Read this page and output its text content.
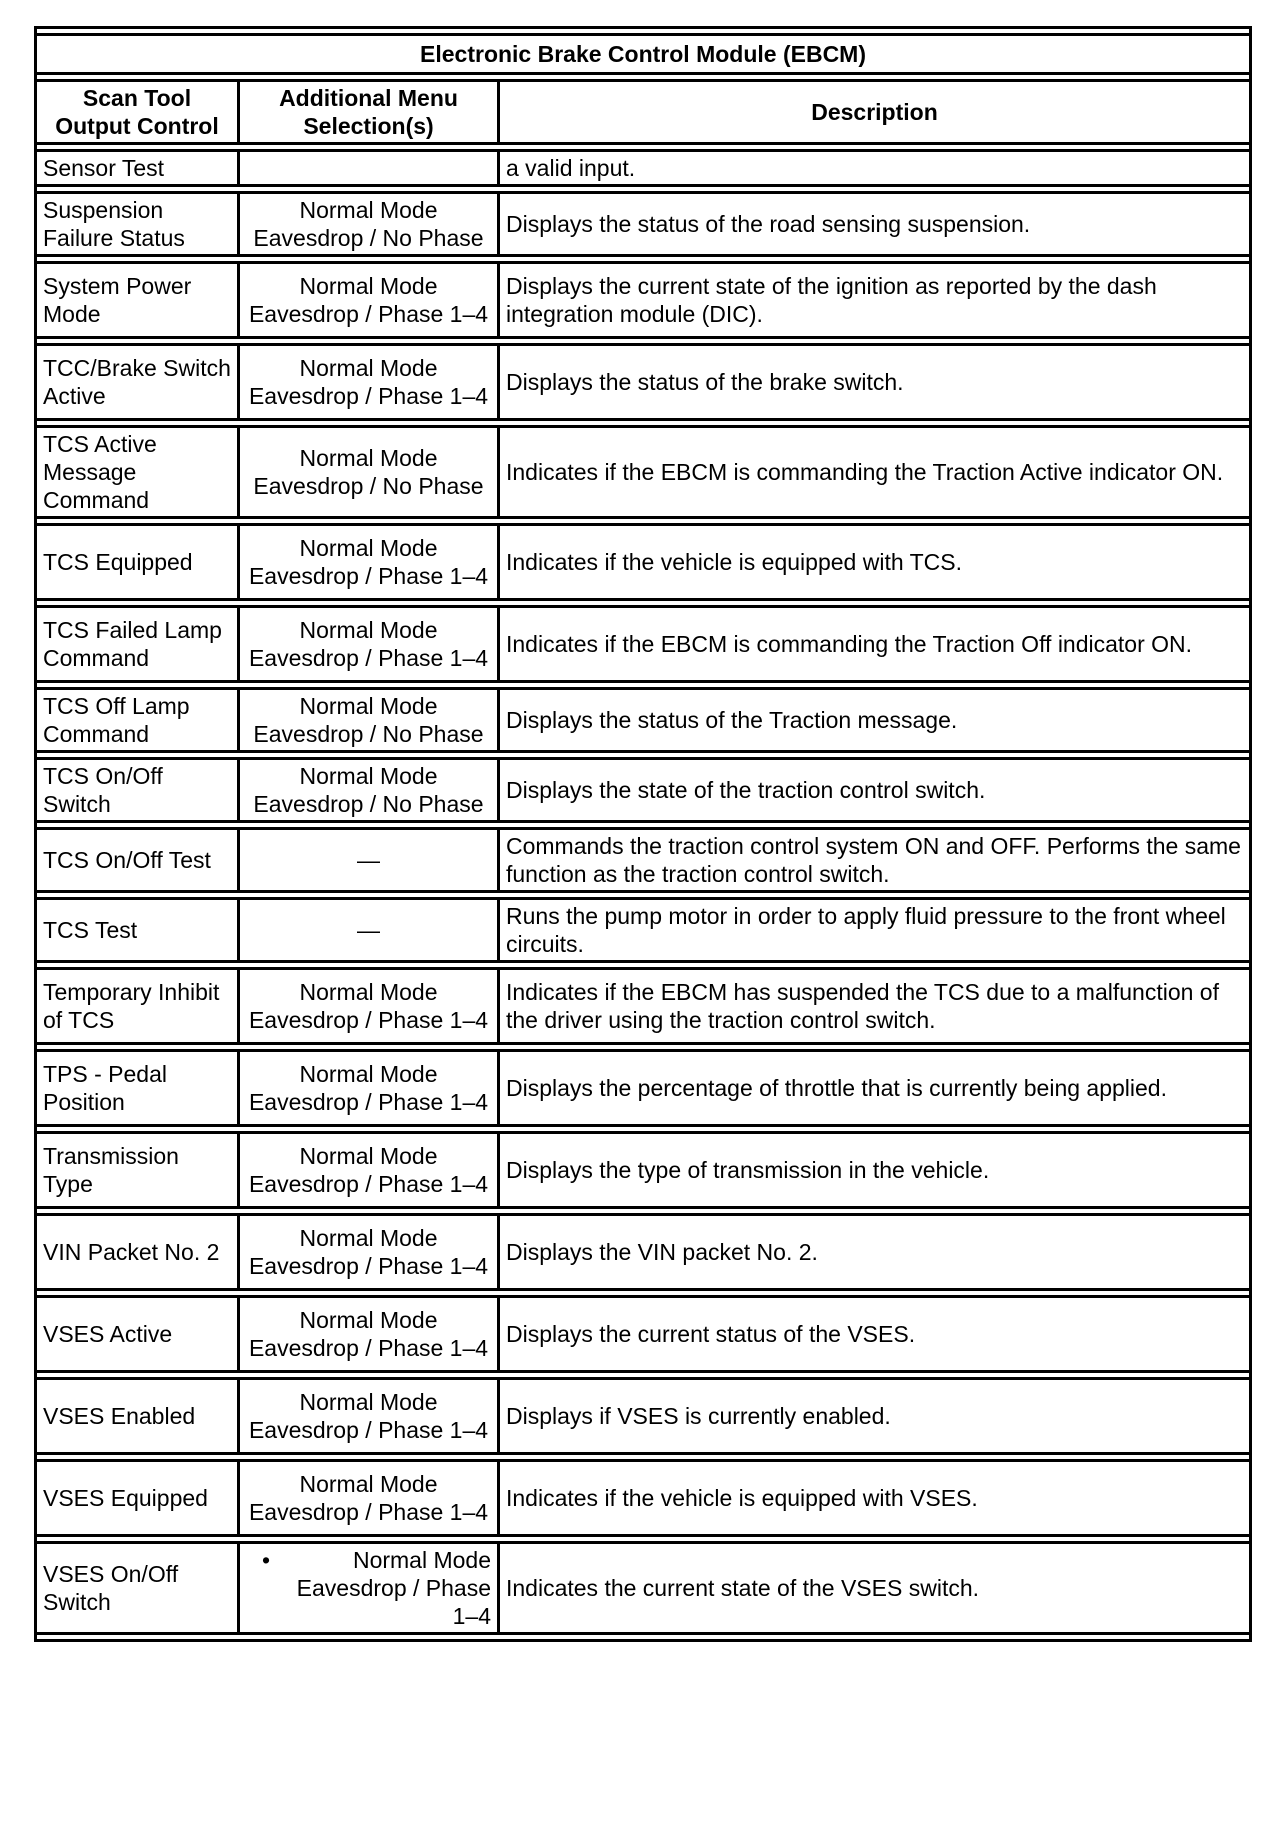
Electronic Brake Control Module (EBCM)		
Scan Tool Output Control	Additional Menu Selection(s)	Description
Sensor Test		a valid input.
Suspension Failure Status	Normal Mode Eavesdrop / No Phase	Displays the status of the road sensing suspension.
System Power Mode	Normal Mode Eavesdrop / Phase 1–4	Displays the current state of the ignition as reported by the dash integration module (DIC).
TCC/Brake Switch Active	Normal Mode Eavesdrop / Phase 1–4	Displays the status of the brake switch.
TCS Active Message Command	Normal Mode Eavesdrop / No Phase	Indicates if the EBCM is commanding the Traction Active indicator ON.
TCS Equipped	Normal Mode Eavesdrop / Phase 1–4	Indicates if the vehicle is equipped with TCS.
TCS Failed Lamp Command	Normal Mode Eavesdrop / Phase 1–4	Indicates if the EBCM is commanding the Traction Off indicator ON.
TCS Off Lamp Command	Normal Mode Eavesdrop / No Phase	Displays the status of the Traction message.
TCS On/Off Switch	Normal Mode Eavesdrop / No Phase	Displays the state of the traction control switch.
TCS On/Off Test	—	Commands the traction control system ON and OFF. Performs the same function as the traction control switch.
TCS Test	—	Runs the pump motor in order to apply fluid pressure to the front wheel circuits.
Temporary Inhibit of TCS	Normal Mode Eavesdrop / Phase 1–4	Indicates if the EBCM has suspended the TCS due to a malfunction of the driver using the traction control switch.
TPS - Pedal Position	Normal Mode Eavesdrop / Phase 1–4	Displays the percentage of throttle that is currently being applied.
Transmission Type	Normal Mode Eavesdrop / Phase 1–4	Displays the type of transmission in the vehicle.
VIN Packet No. 2	Normal Mode Eavesdrop / Phase 1–4	Displays the VIN packet No. 2.
VSES Active	Normal Mode Eavesdrop / Phase 1–4	Displays the current status of the VSES.
VSES Enabled	Normal Mode Eavesdrop / Phase 1–4	Displays if VSES is currently enabled.
VSES Equipped	Normal Mode Eavesdrop / Phase 1–4	Indicates if the vehicle is equipped with VSES.
VSES On/Off Switch	• Normal Mode Eavesdrop / Phase 1–4	Indicates the current state of the VSES switch.
